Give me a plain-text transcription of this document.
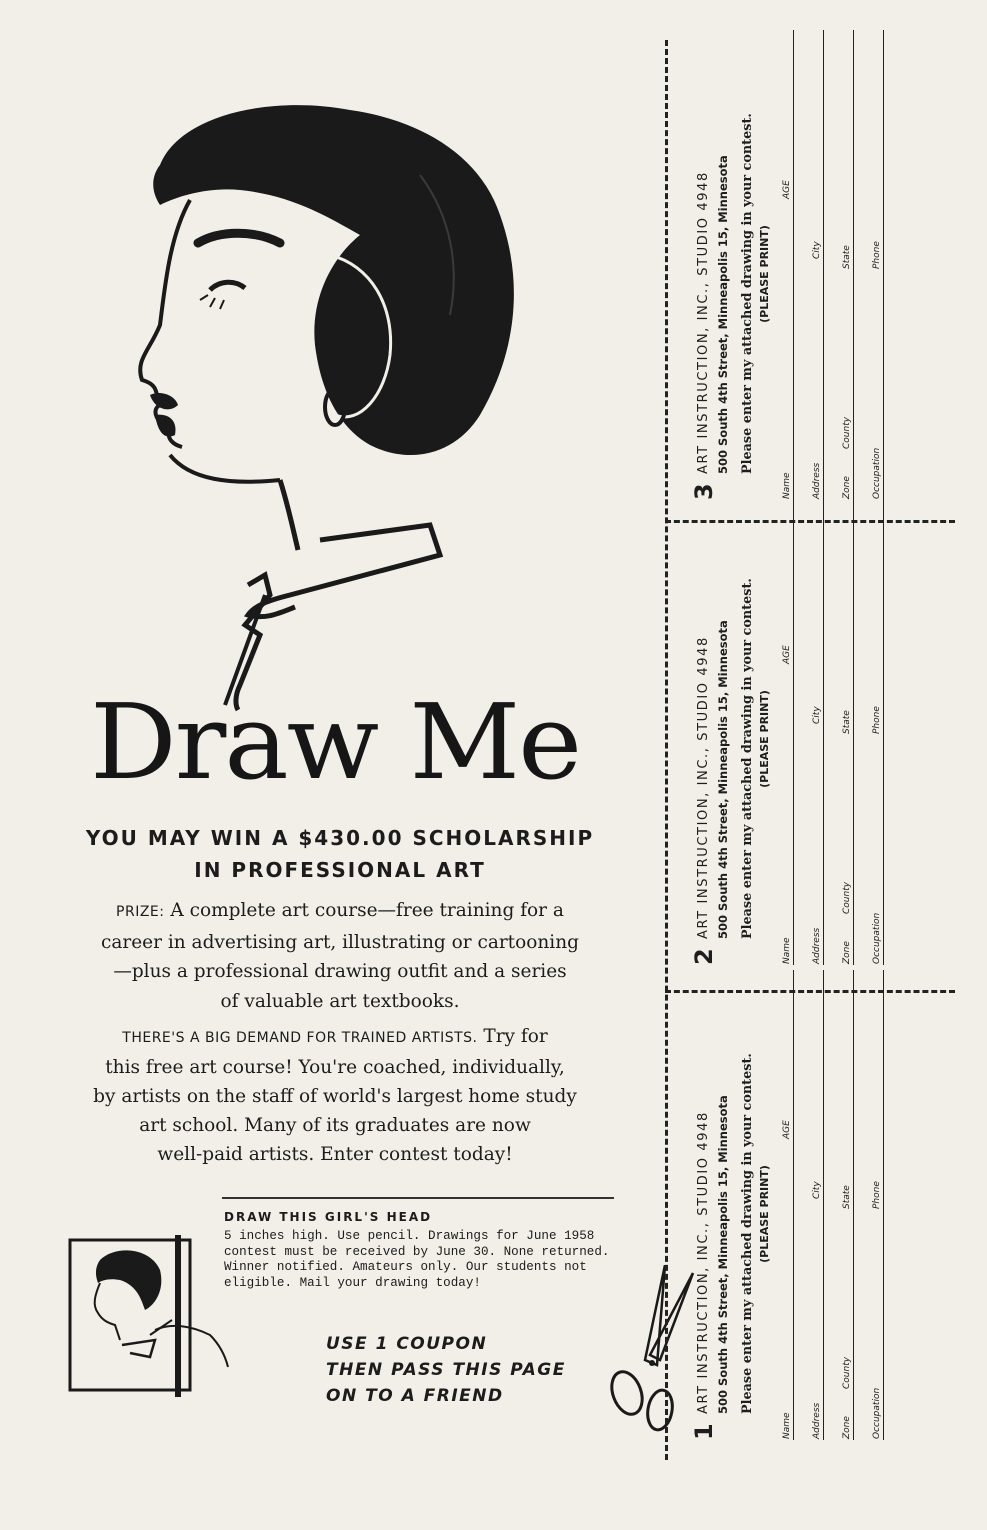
Draw Me
YOU MAY WIN A $430.00 SCHOLARSHIP
IN PROFESSIONAL ART
PRIZE: A complete art course—free training for a
career in advertising art, illustrating or cartooning
—plus a professional drawing outfit and a series
of valuable art textbooks.
THERE'S A BIG DEMAND FOR TRAINED ARTISTS. Try for
this free art course! You're coached, individually,
by artists on the staff of world's largest home study
art school. Many of its graduates are now
well-paid artists. Enter contest today!
DRAW THIS GIRL'S HEAD
5 inches high. Use pencil. Drawings for June 1958
contest must be received by June 30. None returned.
Winner notified. Amateurs only. Our students not
eligible. Mail your drawing today!
USE 1 COUPON
THEN PASS THIS PAGE
ON TO A FRIEND
3
ART INSTRUCTION, INC., STUDIO 4948 500 South 4th Street, Minneapolis 15, Minnesota Please enter my attached drawing in your contest. (PLEASE PRINT)
Name
AGE
Address
City
Zone
County
State
Occupation
Phone
2
ART INSTRUCTION, INC., STUDIO 4948 500 South 4th Street, Minneapolis 15, Minnesota Please enter my attached drawing in your contest. (PLEASE PRINT)
Name
AGE
Address
City
Zone
County
State
Occupation
Phone
1
ART INSTRUCTION, INC., STUDIO 4948 500 South 4th Street, Minneapolis 15, Minnesota Please enter my attached drawing in your contest. (PLEASE PRINT)
Name
AGE
Address
City
Zone
County
State
Occupation
Phone
